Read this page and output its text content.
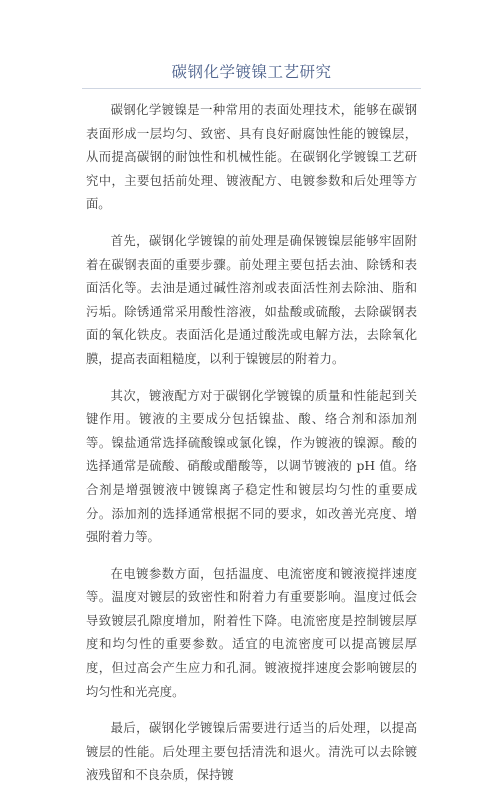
碳钢化学镀镍工艺研究

碳钢化学镀镍是一种常用的表面处理技术，能够在碳钢表面形成一层均匀、致密、具有良好耐腐蚀性能的镀镍层，从而提高碳钢的耐蚀性和机械性能。在碳钢化学镀镍工艺研究中，主要包括前处理、镀液配方、电镀参数和后处理等方面。

首先，碳钢化学镀镍的前处理是确保镀镍层能够牢固附着在碳钢表面的重要步骤。前处理主要包括去油、除锈和表面活化等。去油是通过碱性溶剂或表面活性剂去除油、脂和污垢。除锈通常采用酸性溶液，如盐酸或硫酸，去除碳钢表面的氧化铁皮。表面活化是通过酸洗或电解方法，去除氧化膜，提高表面粗糙度，以利于镍镀层的附着力。

其次，镀液配方对于碳钢化学镀镍的质量和性能起到关键作用。镀液的主要成分包括镍盐、酸、络合剂和添加剂等。镍盐通常选择硫酸镍或氯化镍，作为镀液的镍源。酸的选择通常是硫酸、硝酸或醋酸等，以调节镀液的 pH 值。络合剂是增强镀液中镀镍离子稳定性和镀层均匀性的重要成分。添加剂的选择通常根据不同的要求，如改善光亮度、增强附着力等。

在电镀参数方面，包括温度、电流密度和镀液搅拌速度等。温度对镀层的致密性和附着力有重要影响。温度过低会导致镀层孔隙度增加，附着性下降。电流密度是控制镀层厚度和均匀性的重要参数。适宜的电流密度可以提高镀层厚度，但过高会产生应力和孔洞。镀液搅拌速度会影响镀层的均匀性和光亮度。

最后，碳钢化学镀镍后需要进行适当的后处理，以提高镀层的性能。后处理主要包括清洗和退火。清洗可以去除镀液残留和不良杂质，保持镀
